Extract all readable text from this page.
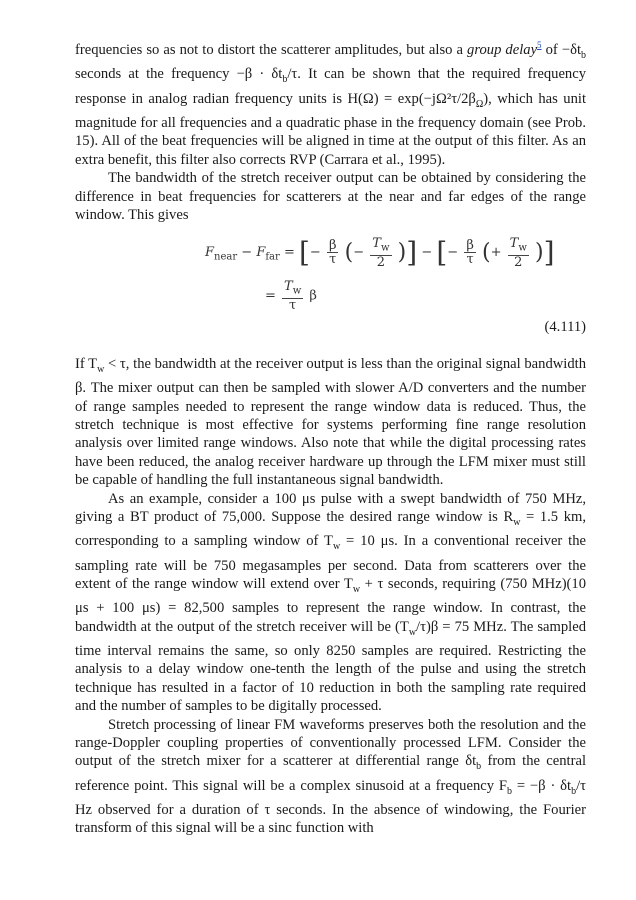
frequencies so as not to distort the scatterer amplitudes, but also a group delay$^5$ of $-\delta t_b$ seconds at the frequency $-\beta \cdot \delta t_b/\tau$. It can be shown that the required frequency response in analog radian frequency units is $H(\Omega) = \exp(-j\Omega^2\tau/2\beta_\Omega)$, which has unit magnitude for all frequencies and a quadratic phase in the frequency domain (see Prob. 15). All of the beat frequencies will be aligned in time at the output of this filter. As an extra benefit, this filter also corrects RVP (Carrara et al., 1995).

The bandwidth of the stretch receiver output can be obtained by considering the difference in beat frequencies for scatterers at the near and far edges of the range window. This gives

$F_{near} - F_{far}$ = [− $\frac{\beta}{\tau}$ (− $\frac{T_w}{2}$ )] − [− $\frac{\beta}{\tau}$ (+ $\frac{T_w}{2}$ )]
= $\frac{T_w}{\tau}$ β
(4.111)

If $T_w < \tau$, the bandwidth at the receiver output is less than the original signal bandwidth β. The mixer output can then be sampled with slower A/D converters and the number of range samples needed to represent the range window data is reduced. Thus, the stretch technique is most effective for systems performing fine range resolution analysis over limited range windows. Also note that while the digital processing rates have been reduced, the analog receiver hardware up through the LFM mixer must still be capable of handling the full instantaneous signal bandwidth.

As an example, consider a 100 μs pulse with a swept bandwidth of 750 MHz, giving a BT product of 75,000. Suppose the desired range window is $R_w = 1.5$ km, corresponding to a sampling window of $T_w = 10$ μs. In a conventional receiver the sampling rate will be 750 megasamples per second. Data from scatterers over the extent of the range window will extend over $T_w + \tau$ seconds, requiring (750 MHz)(10 μs + 100 μs) = 82,500 samples to represent the range window. In contrast, the bandwidth at the output of the stretch receiver will be $(T_w/\tau)\beta = 75$ MHz. The sampled time interval remains the same, so only 8250 samples are required. Restricting the analysis to a delay window one-tenth the length of the pulse and using the stretch technique has resulted in a factor of 10 reduction in both the sampling rate required and the number of samples to be digitally processed.

Stretch processing of linear FM waveforms preserves both the resolution and the range-Doppler coupling properties of conventionally processed LFM. Consider the output of the stretch mixer for a scatterer at differential range $\delta t_b$ from the central reference point. This signal will be a complex sinusoid at a frequency $F_b = -\beta \cdot \delta t_b/\tau$ Hz observed for a duration of τ seconds. In the absence of windowing, the Fourier transform of this signal will be a sinc function with
